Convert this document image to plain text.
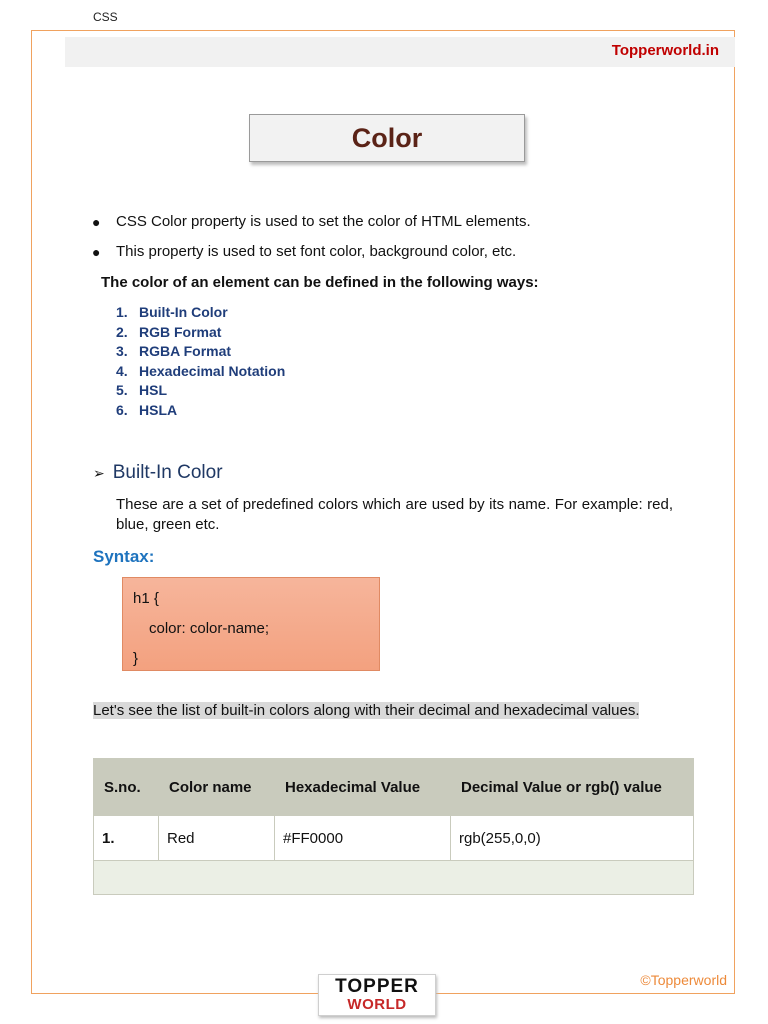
CSS
Topperworld.in
Color
● CSS Color property is used to set the color of HTML elements.
● This property is used to set font color, background color, etc.
The color of an element can be defined in the following ways:
1. Built-In Color
2. RGB Format
3. RGBA Format
4. Hexadecimal Notation
5. HSL
6. HSLA
➢ Built-In Color
These are a set of predefined colors which are used by its name. For example: red, blue, green etc.
Syntax:
h1 {
color: color-name;
}
Let's see the list of built-in colors along with their decimal and hexadecimal values.
S.no.	Color name	Hexadecimal Value	Decimal Value or rgb() value
1.	Red	#FF0000	rgb(255,0,0)

TOPPER
WORLD
©Topperworld
